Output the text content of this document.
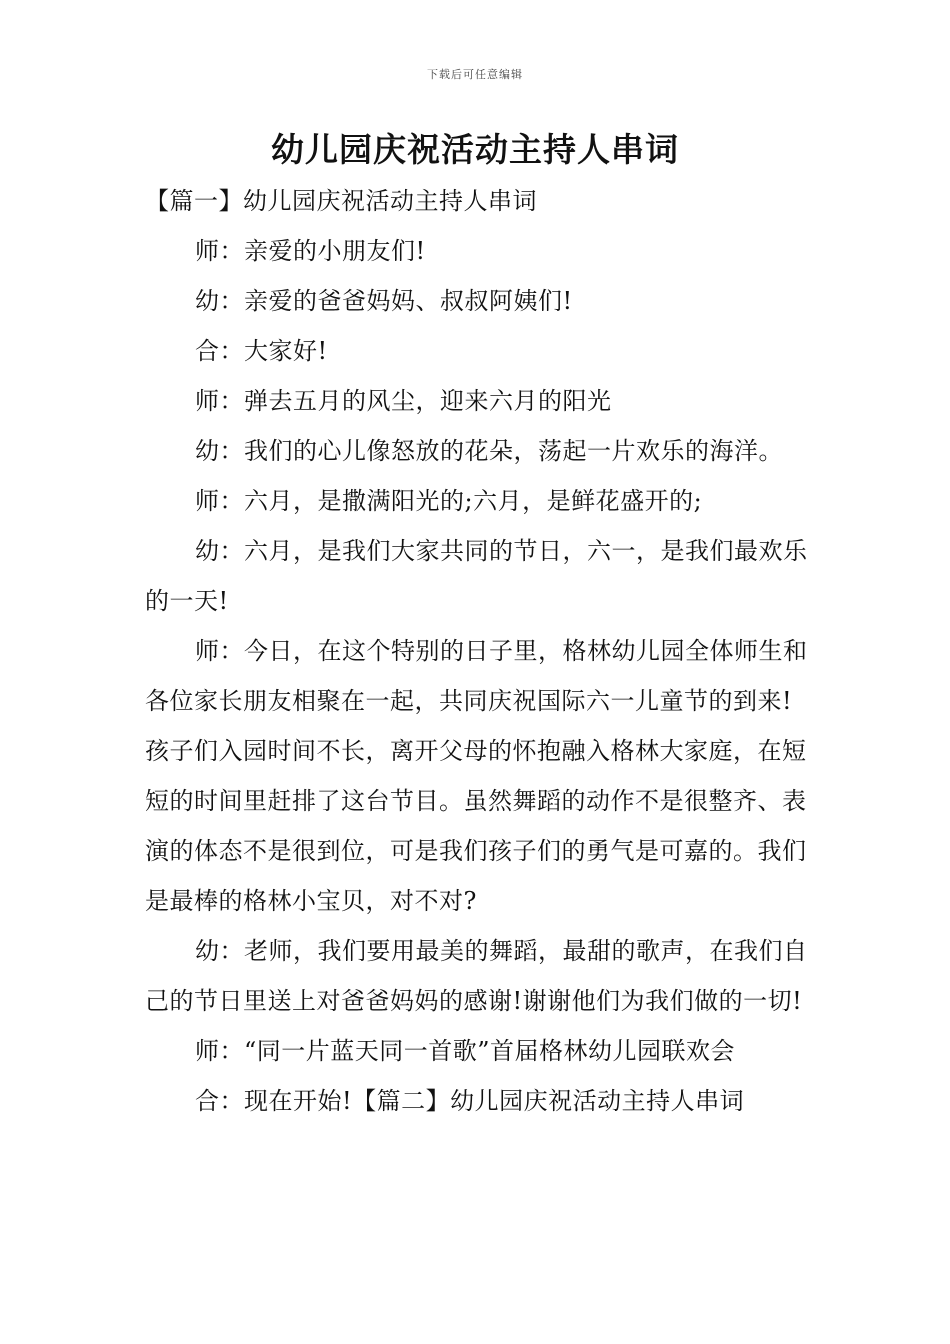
下载后可任意编辑
幼儿园庆祝活动主持人串词

【篇一】幼儿园庆祝活动主持人串词

师：亲爱的小朋友们!

幼：亲爱的爸爸妈妈、叔叔阿姨们!

合：大家好!

师：弹去五月的风尘，迎来六月的阳光

幼：我们的心儿像怒放的花朵，荡起一片欢乐的海洋。

师：六月，是撒满阳光的;六月，是鲜花盛开的;

幼：六月，是我们大家共同的节日，六一，是我们最欢乐的一天!

师：今日，在这个特别的日子里，格林幼儿园全体师生和各位家长朋友相聚在一起，共同庆祝国际六一儿童节的到来!孩子们入园时间不长，离开父母的怀抱融入格林大家庭，在短短的时间里赶排了这台节目。虽然舞蹈的动作不是很整齐、表演的体态不是很到位，可是我们孩子们的勇气是可嘉的。我们是最棒的格林小宝贝，对不对?

幼：老师，我们要用最美的舞蹈，最甜的歌声，在我们自己的节日里送上对爸爸妈妈的感谢!谢谢他们为我们做的一切!

师：“同一片蓝天同一首歌”首届格林幼儿园联欢会

合：现在开始!【篇二】幼儿园庆祝活动主持人串词
